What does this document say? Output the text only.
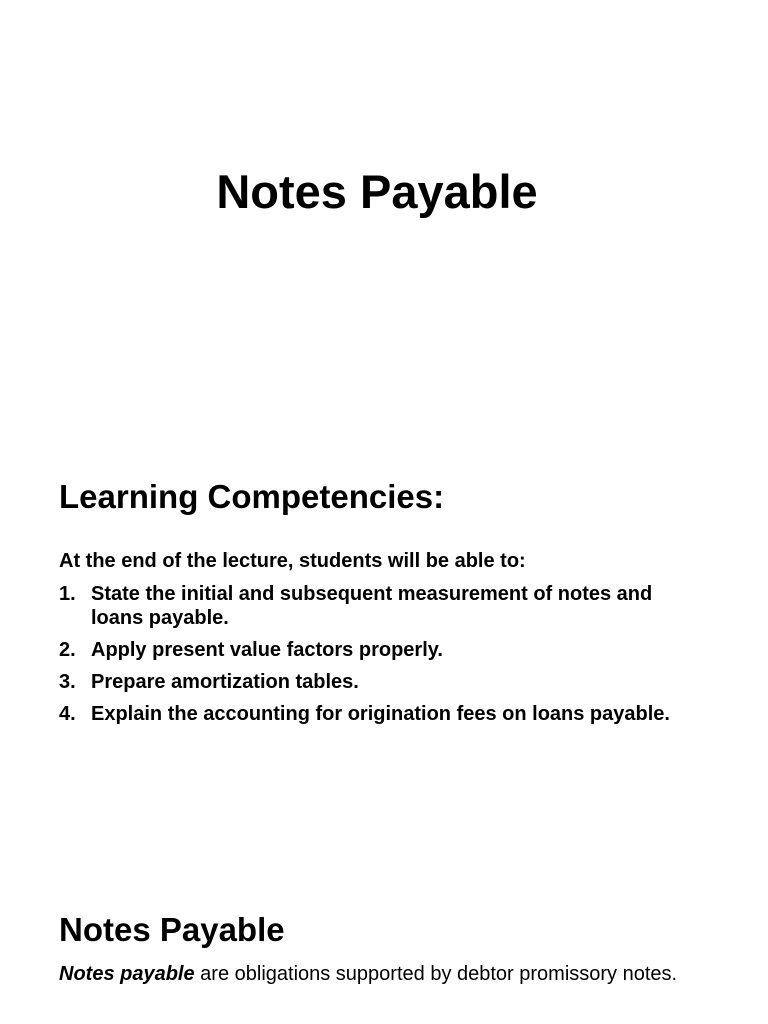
Notes Payable
Learning Competencies:

At the end of the lecture, students will be able to:

1. State the initial and subsequent measurement of notes and loans payable.
2. Apply present value factors properly.
3. Prepare amortization tables.
4. Explain the accounting for origination fees on loans payable.
Notes Payable

Notes payable are obligations supported by debtor promissory notes.
